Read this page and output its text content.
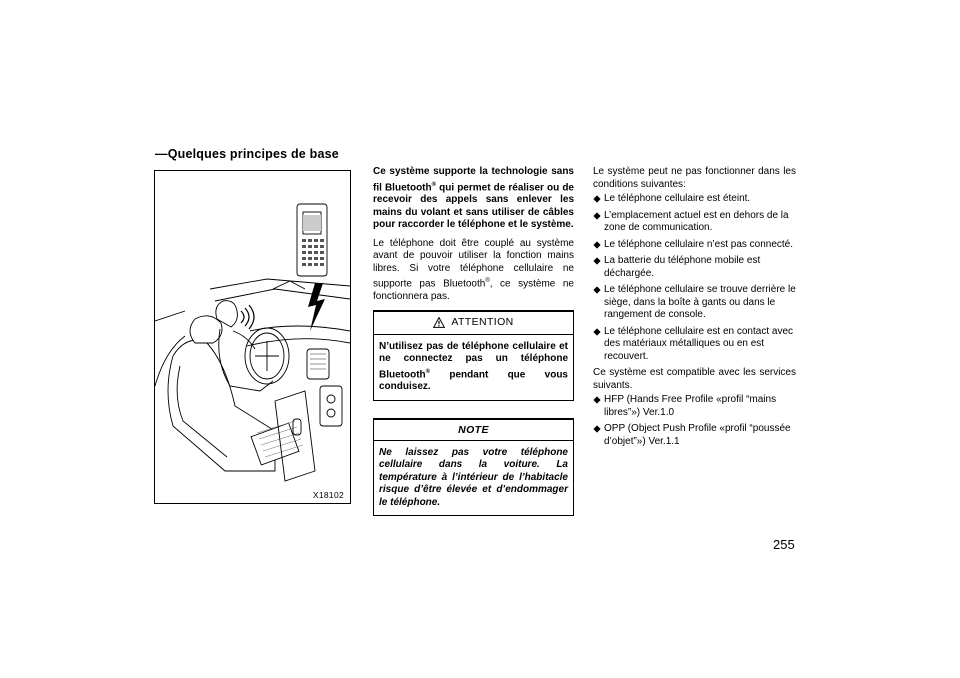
—Quelques principes de base
X18102

Ce système supporte la technologie sans fil Bluetooth® qui permet de réaliser ou de recevoir des appels sans enlever les mains du volant et sans utiliser de câbles pour raccorder le téléphone et le système.

Le téléphone doit être couplé au système avant de pouvoir utiliser la fonction mains libres. Si votre téléphone cellulaire ne supporte pas Bluetooth®, ce système ne fonctionnera pas.

ATTENTION
N’utilisez pas de téléphone cellulaire et ne connectez pas un téléphone Bluetooth® pendant que vous conduisez.
NOTE
Ne laissez pas votre téléphone cellulaire dans la voiture. La température à l’intérieur de l’habitacle risque d’être élevée et d’endommager le téléphone.

Le système peut ne pas fonctionner dans les conditions suivantes:

Le téléphone cellulaire est éteint.
L’emplacement actuel est en dehors de la zone de communication.
Le téléphone cellulaire n’est pas connecté.
La batterie du téléphone mobile est déchargée.
Le téléphone cellulaire se trouve derrière le siège, dans la boîte à gants ou dans le rangement de console.
Le téléphone cellulaire est en contact avec des matériaux métalliques ou en est recouvert.

Ce système est compatible avec les services suivants.

HFP (Hands Free Profile «profil “mains libres”») Ver.1.0
OPP (Object Push Profile «profil “poussée d’objet”») Ver.1.1
255
